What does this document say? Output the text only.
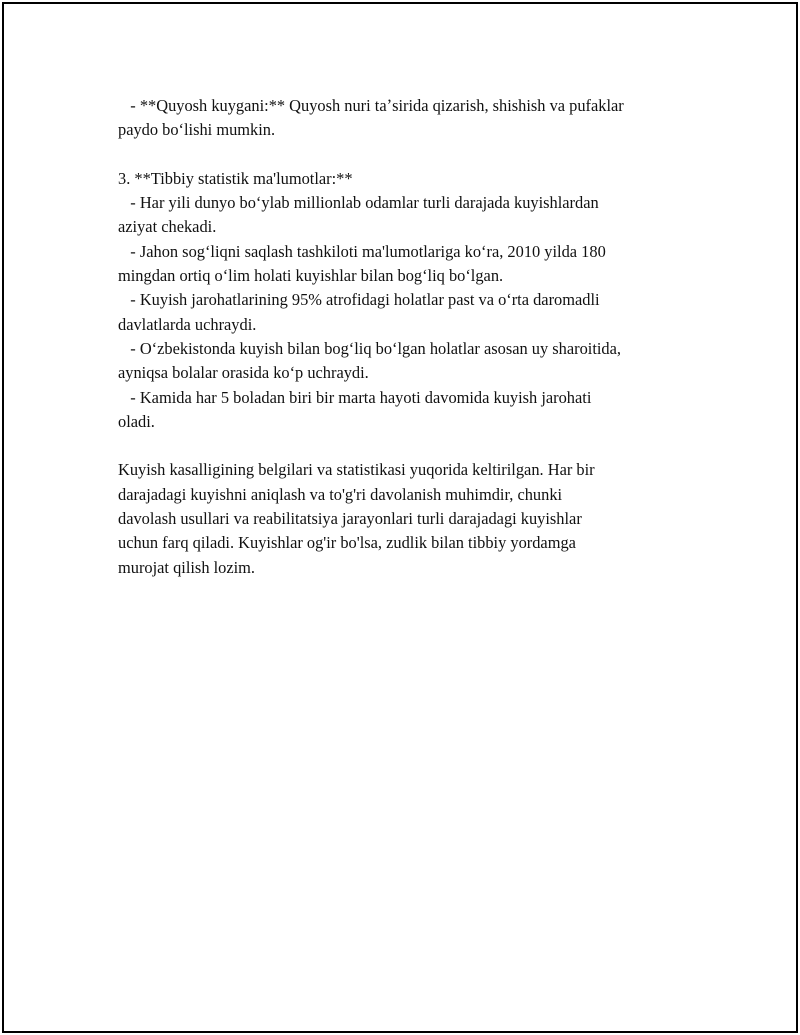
- **Quyosh kuygani:** Quyosh nuri taʼsirida qizarish, shishish va pufaklar
paydo boʻlishi mumkin.
3. **Tibbiy statistik ma'lumotlar:**
- Har yili dunyo boʻylab millionlab odamlar turli darajada kuyishlardan
aziyat chekadi.
- Jahon sogʻliqni saqlash tashkiloti ma'lumotlariga koʻra, 2010 yilda 180
mingdan ortiq oʻlim holati kuyishlar bilan bogʻliq boʻlgan.
- Kuyish jarohatlarining 95% atrofidagi holatlar past va oʻrta daromadli
davlatlarda uchraydi.
- Oʻzbekistonda kuyish bilan bogʻliq boʻlgan holatlar asosan uy sharoitida,
ayniqsa bolalar orasida koʻp uchraydi.
- Kamida har 5 boladan biri bir marta hayoti davomida kuyish jarohati
oladi.
Kuyish kasalligining belgilari va statistikasi yuqorida keltirilgan. Har bir
darajadagi kuyishni aniqlash va to'g'ri davolanish muhimdir, chunki
davolash usullari va reabilitatsiya jarayonlari turli darajadagi kuyishlar
uchun farq qiladi. Kuyishlar og'ir bo'lsa, zudlik bilan tibbiy yordamga
murojat qilish lozim.
